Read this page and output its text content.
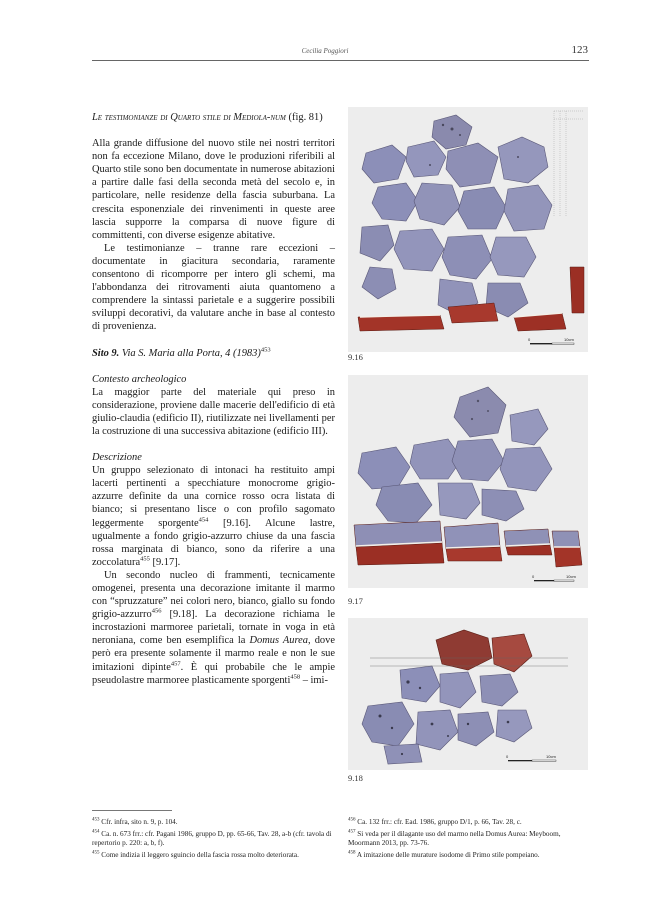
Cecilia Poggiori	123

Le testimonianze di Quarto stile di Mediola-num (fig. 81)

Alla grande diffusione del nuovo stile nei nostri territori non fa eccezione Milano, dove le produzioni riferibili al Quarto stile sono ben documentate in numerose abitazioni a partire dalle fasi della seconda metà del secolo e, in particolare, nelle residenze della fascia suburbana. La crescita esponenziale dei rinvenimenti in queste aree lascia supporre la comparsa di nuove figure di committenti, con diverse esigenze abitative.

Le testimonianze – tranne rare eccezioni – documentate in giacitura secondaria, raramente consentono di ricomporre per intero gli schemi, ma l'abbondanza dei ritrovamenti aiuta quantomeno a comprendere la sintassi parietale e a suggerire possibili sviluppi decorativi, da valutare anche in base al contesto di provenienza.

Sito 9. Via S. Maria alla Porta, 4 $(1983)^{453}$

Contesto archeologico

La maggior parte del materiale qui preso in considerazione, proviene dalle macerie dell'edificio di età giulio-claudia (edificio II), riutilizzate nei livellamenti per la costruzione di una successiva abitazione (edificio III).

Descrizione

Un gruppo selezionato di intonaci ha restituito ampi lacerti pertinenti a specchiature monocrome grigio-azzurre definite da una cornice rosso ocra listata di bianco; si presentano lisce o con profilo sagomato leggermente sporgente$^{454}$ [9.16]. Alcune lastre, ugualmente a fondo grigio-azzurro chiuse da una fascia rossa marginata di bianco, sono da riferire a una zoccolatura$^{455}$ [9.17].

Un secondo nucleo di frammenti, tecnicamente omogenei, presenta una decorazione imitante il marmo con “spruzzature” nei colori nero, bianco, giallo su fondo grigio-azzurro$^{456}$ [9.18]. La decorazione richiama le incrostazioni marmoree parietali, tornate in voga in età neroniana, come ben esemplifica la Domus Aurea, dove però era presente solamente il marmo reale e non le sue imitazioni dipinte$^{457}$. È qui probabile che le ampie pseudolastre marmoree plasticamente sporgenti$^{458}$ – imi-

0	10cm
9.16
0	10cm
9.17
0	10cm
9.18
$^{453}$ Cfr. infra, sito n. 9, p. 104.
$^{454}$ Ca. n. 673 frr.: cfr. Pagani 1986, gruppo D, pp. 65-66, Tav. 28, a-b (cfr. tavola di repertorio p. 220: a, b, f).
$^{455}$ Come indizia il leggero sguincio della fascia rossa molto deteriorata.
$^{456}$ Ca. 132 frr.: cfr. Ead. 1986, gruppo D/1, p. 66, Tav. 28, c.
$^{457}$ Si veda per il dilagante uso del marmo nella Domus Aurea: Meyboom, Moormann 2013, pp. 73-76.
$^{458}$ A imitazione delle murature isodome di Primo stile pompeiano.
